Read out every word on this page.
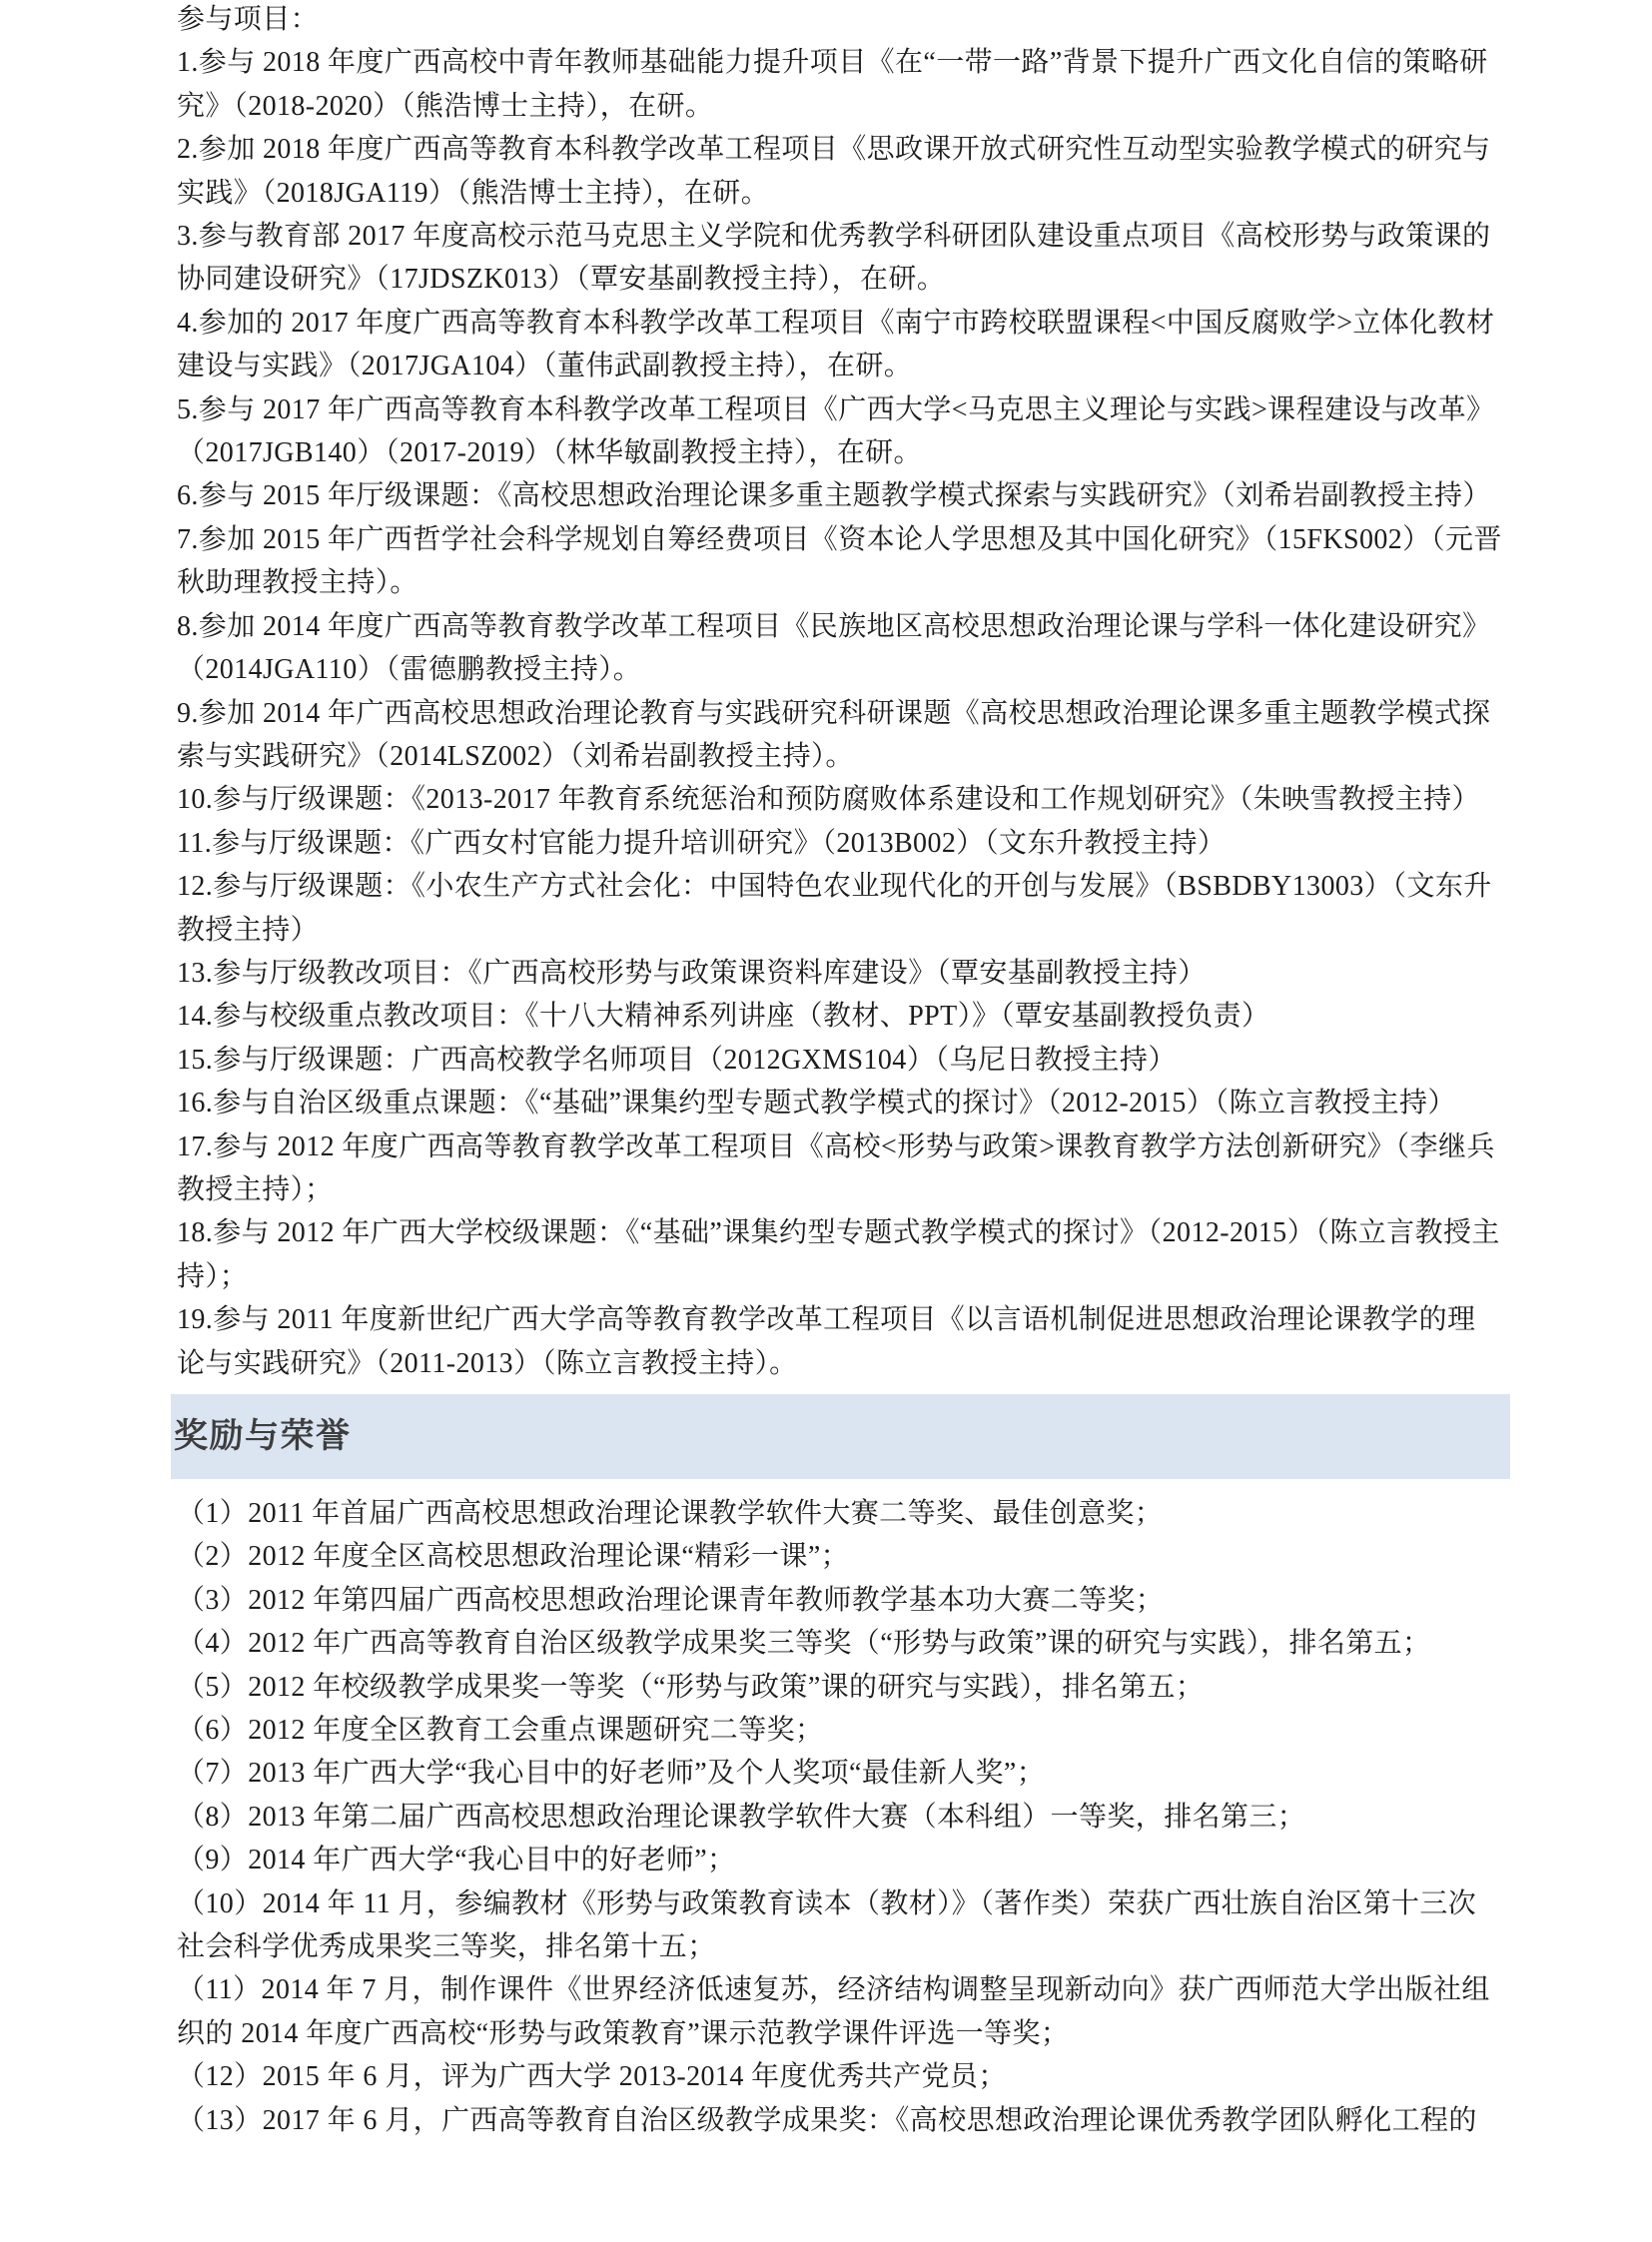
参与项目：

1.参与 2018 年度广西高校中青年教师基础能力提升项目《在“一带一路”背景下提升广西文化自信的策略研究》（2018-2020）（熊浩博士主持），在研。

2.参加 2018 年度广西高等教育本科教学改革工程项目《思政课开放式研究性互动型实验教学模式的研究与实践》（2018JGA119）（熊浩博士主持），在研。

3.参与教育部 2017 年度高校示范马克思主义学院和优秀教学科研团队建设重点项目《高校形势与政策课的协同建设研究》（17JDSZK013）（覃安基副教授主持），在研。

4.参加的 2017 年度广西高等教育本科教学改革工程项目《南宁市跨校联盟课程<中国反腐败学>立体化教材建设与实践》（2017JGA104）（董伟武副教授主持），在研。

5.参与 2017 年广西高等教育本科教学改革工程项目《广西大学<马克思主义理论与实践>课程建设与改革》（2017JGB140）（2017-2019）（林华敏副教授主持），在研。

6.参与 2015 年厅级课题：《高校思想政治理论课多重主题教学模式探索与实践研究》（刘希岩副教授主持）

7.参加 2015 年广西哲学社会科学规划自筹经费项目《资本论人学思想及其中国化研究》（15FKS002）（元晋秋助理教授主持）。

8.参加 2014 年度广西高等教育教学改革工程项目《民族地区高校思想政治理论课与学科一体化建设研究》（2014JGA110）（雷德鹏教授主持）。

9.参加 2014 年广西高校思想政治理论教育与实践研究科研课题《高校思想政治理论课多重主题教学模式探索与实践研究》（2014LSZ002）（刘希岩副教授主持）。

10.参与厅级课题：《2013-2017 年教育系统惩治和预防腐败体系建设和工作规划研究》（朱映雪教授主持）

11.参与厅级课题：《广西女村官能力提升培训研究》（2013B002）（文东升教授主持）

12.参与厅级课题：《小农生产方式社会化：中国特色农业现代化的开创与发展》（BSBDBY13003）（文东升教授主持）

13.参与厅级教改项目：《广西高校形势与政策课资料库建设》（覃安基副教授主持）

14.参与校级重点教改项目：《十八大精神系列讲座（教材、PPT）》（覃安基副教授负责）

15.参与厅级课题：广西高校教学名师项目（2012GXMS104）（乌尼日教授主持）

16.参与自治区级重点课题：《“基础”课集约型专题式教学模式的探讨》（2012-2015）（陈立言教授主持）

17.参与 2012 年度广西高等教育教学改革工程项目《高校<形势与政策>课教育教学方法创新研究》（李继兵教授主持）；

18.参与 2012 年广西大学校级课题：《“基础”课集约型专题式教学模式的探讨》（2012-2015）（陈立言教授主持）；

19.参与 2011 年度新世纪广西大学高等教育教学改革工程项目《以言语机制促进思想政治理论课教学的理论与实践研究》（2011-2013）（陈立言教授主持）。

奖励与荣誉

（1）2011 年首届广西高校思想政治理论课教学软件大赛二等奖、最佳创意奖；

（2）2012 年度全区高校思想政治理论课“精彩一课”；

（3）2012 年第四届广西高校思想政治理论课青年教师教学基本功大赛二等奖；

（4）2012 年广西高等教育自治区级教学成果奖三等奖（“形势与政策”课的研究与实践），排名第五；

（5）2012 年校级教学成果奖一等奖（“形势与政策”课的研究与实践），排名第五；

（6）2012 年度全区教育工会重点课题研究二等奖；

（7）2013 年广西大学“我心目中的好老师”及个人奖项“最佳新人奖”；

（8）2013 年第二届广西高校思想政治理论课教学软件大赛（本科组）一等奖，排名第三；

（9）2014 年广西大学“我心目中的好老师”；

（10）2014 年 11 月，参编教材《形势与政策教育读本（教材）》（著作类）荣获广西壮族自治区第十三次社会科学优秀成果奖三等奖，排名第十五；

（11）2014 年 7 月，制作课件《世界经济低速复苏，经济结构调整呈现新动向》获广西师范大学出版社组织的 2014 年度广西高校“形势与政策教育”课示范教学课件评选一等奖；

（12）2015 年 6 月，评为广西大学 2013-2014 年度优秀共产党员；

（13）2017 年 6 月，广西高等教育自治区级教学成果奖：《高校思想政治理论课优秀教学团队孵化工程的
